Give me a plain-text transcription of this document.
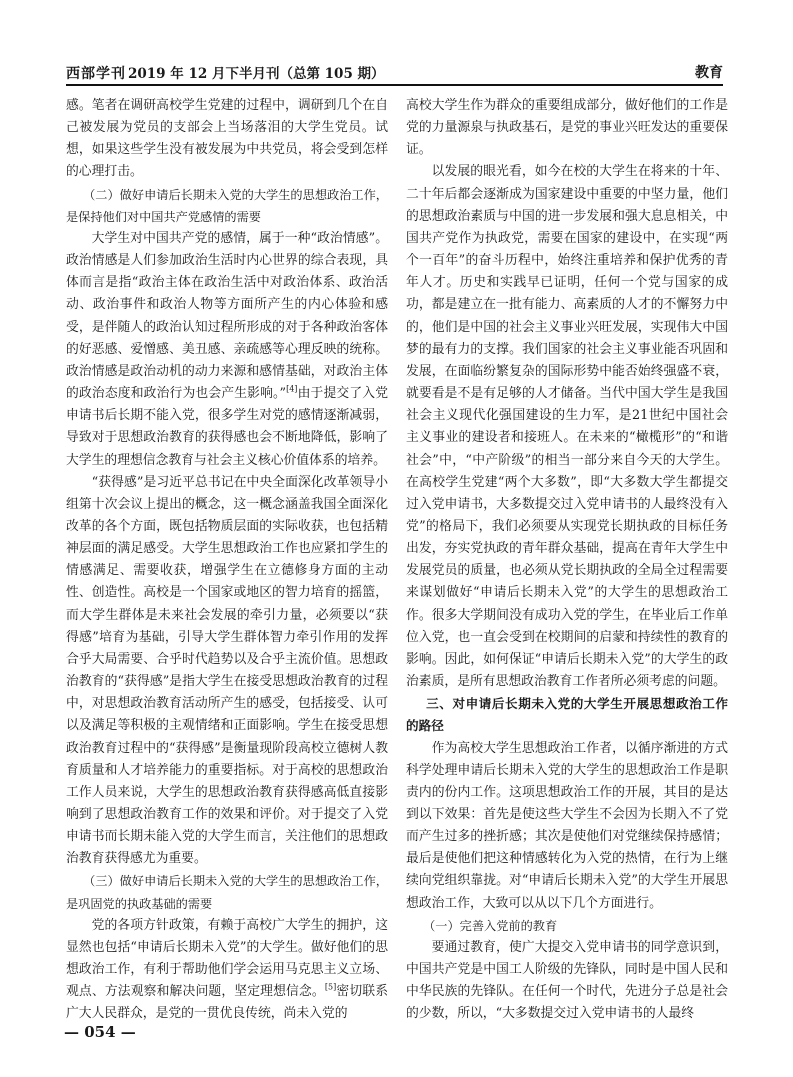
西部学刊 2019 年 12 月下半月刊（总第 105 期）	教育

感。笔者在调研高校学生党建的过程中，调研到几个在自己被发展为党员的支部会上当场落泪的大学生党员。试想，如果这些学生没有被发展为中共党员，将会受到怎样的心理打击。

（二）做好申请后长期未入党的大学生的思想政治工作，是保持他们对中国共产党感情的需要

大学生对中国共产党的感情，属于一种“政治情感”。政治情感是人们参加政治生活时内心世界的综合表现，具体而言是指“政治主体在政治生活中对政治体系、政治活动、政治事件和政治人物等方面所产生的内心体验和感受，是伴随人的政治认知过程所形成的对于各种政治客体的好恶感、爱憎感、美丑感、亲疏感等心理反映的统称。政治情感是政治动机的动力来源和感情基础，对政治主体的政治态度和政治行为也会产生影响。”[4]由于提交了入党申请书后长期不能入党，很多学生对党的感情逐渐减弱，导致对于思想政治教育的获得感也会不断地降低，影响了大学生的理想信念教育与社会主义核心价值体系的培养。

“获得感”是习近平总书记在中央全面深化改革领导小组第十次会议上提出的概念，这一概念涵盖我国全面深化改革的各个方面，既包括物质层面的实际收获，也包括精神层面的满足感受。大学生思想政治工作也应紧扣学生的情感满足、需要收获，增强学生在立德修身方面的主动性、创造性。高校是一个国家或地区的智力培育的摇篮，而大学生群体是未来社会发展的牵引力量，必须要以“获得感”培育为基础，引导大学生群体智力牵引作用的发挥合乎大局需要、合乎时代趋势以及合乎主流价值。思想政治教育的“获得感”是指大学生在接受思想政治教育的过程中，对思想政治教育活动所产生的感受，包括接受、认可以及满足等积极的主观情绪和正面影响。学生在接受思想政治教育过程中的“获得感”是衡量现阶段高校立德树人教育质量和人才培养能力的重要指标。对于高校的思想政治工作人员来说，大学生的思想政治教育获得感高低直接影响到了思想政治教育工作的效果和评价。对于提交了入党申请书而长期未能入党的大学生而言，关注他们的思想政治教育获得感尤为重要。

（三）做好申请后长期未入党的大学生的思想政治工作，是巩固党的执政基础的需要

党的各项方针政策，有赖于高校广大学生的拥护，这显然也包括“申请后长期未入党”的大学生。做好他们的思想政治工作，有利于帮助他们学会运用马克思主义立场、观点、方法观察和解决问题，坚定理想信念。[5]密切联系广大人民群众，是党的一贯优良传统，尚未入党的

高校大学生作为群众的重要组成部分，做好他们的工作是党的力量源泉与执政基石，是党的事业兴旺发达的重要保证。

以发展的眼光看，如今在校的大学生在将来的十年、二十年后都会逐渐成为国家建设中重要的中坚力量，他们的思想政治素质与中国的进一步发展和强大息息相关，中国共产党作为执政党，需要在国家的建设中，在实现“两个一百年”的奋斗历程中，始终注重培养和保护优秀的青年人才。历史和实践早已证明，任何一个党与国家的成功，都是建立在一批有能力、高素质的人才的不懈努力中的，他们是中国的社会主义事业兴旺发展，实现伟大中国梦的最有力的支撑。我们国家的社会主义事业能否巩固和发展，在面临纷繁复杂的国际形势中能否始终强盛不衰，就要看是不是有足够的人才储备。当代中国大学生是我国社会主义现代化强国建设的生力军，是21世纪中国社会主义事业的建设者和接班人。在未来的“橄榄形”的“和谐社会”中，“中产阶级”的相当一部分来自今天的大学生。在高校学生党建“两个大多数”，即“大多数大学生都提交过入党申请书，大多数提交过入党申请书的人最终没有入党”的格局下，我们必须要从实现党长期执政的目标任务出发，夯实党执政的青年群众基础，提高在青年大学生中发展党员的质量，也必须从党长期执政的全局全过程需要来谋划做好“申请后长期未入党”的大学生的思想政治工作。很多大学期间没有成功入党的学生，在毕业后工作单位入党，也一直会受到在校期间的启蒙和持续性的教育的影响。因此，如何保证“申请后长期未入党”的大学生的政治素质，是所有思想政治教育工作者所必须考虑的问题。

三、对申请后长期未入党的大学生开展思想政治工作的路径

作为高校大学生思想政治工作者，以循序渐进的方式科学处理申请后长期未入党的大学生的思想政治工作是职责内的份内工作。这项思想政治工作的开展，其目的是达到以下效果：首先是使这些大学生不会因为长期入不了党而产生过多的挫折感；其次是使他们对党继续保持感情；最后是使他们把这种情感转化为入党的热情，在行为上继续向党组织靠拢。对“申请后长期未入党”的大学生开展思想政治工作，大致可以从以下几个方面进行。

（一）完善入党前的教育

要通过教育，使广大提交入党申请书的同学意识到，中国共产党是中国工人阶级的先锋队，同时是中国人民和中华民族的先锋队。在任何一个时代，先进分子总是社会的少数，所以，“大多数提交过入党申请书的人最终

— 054 —
